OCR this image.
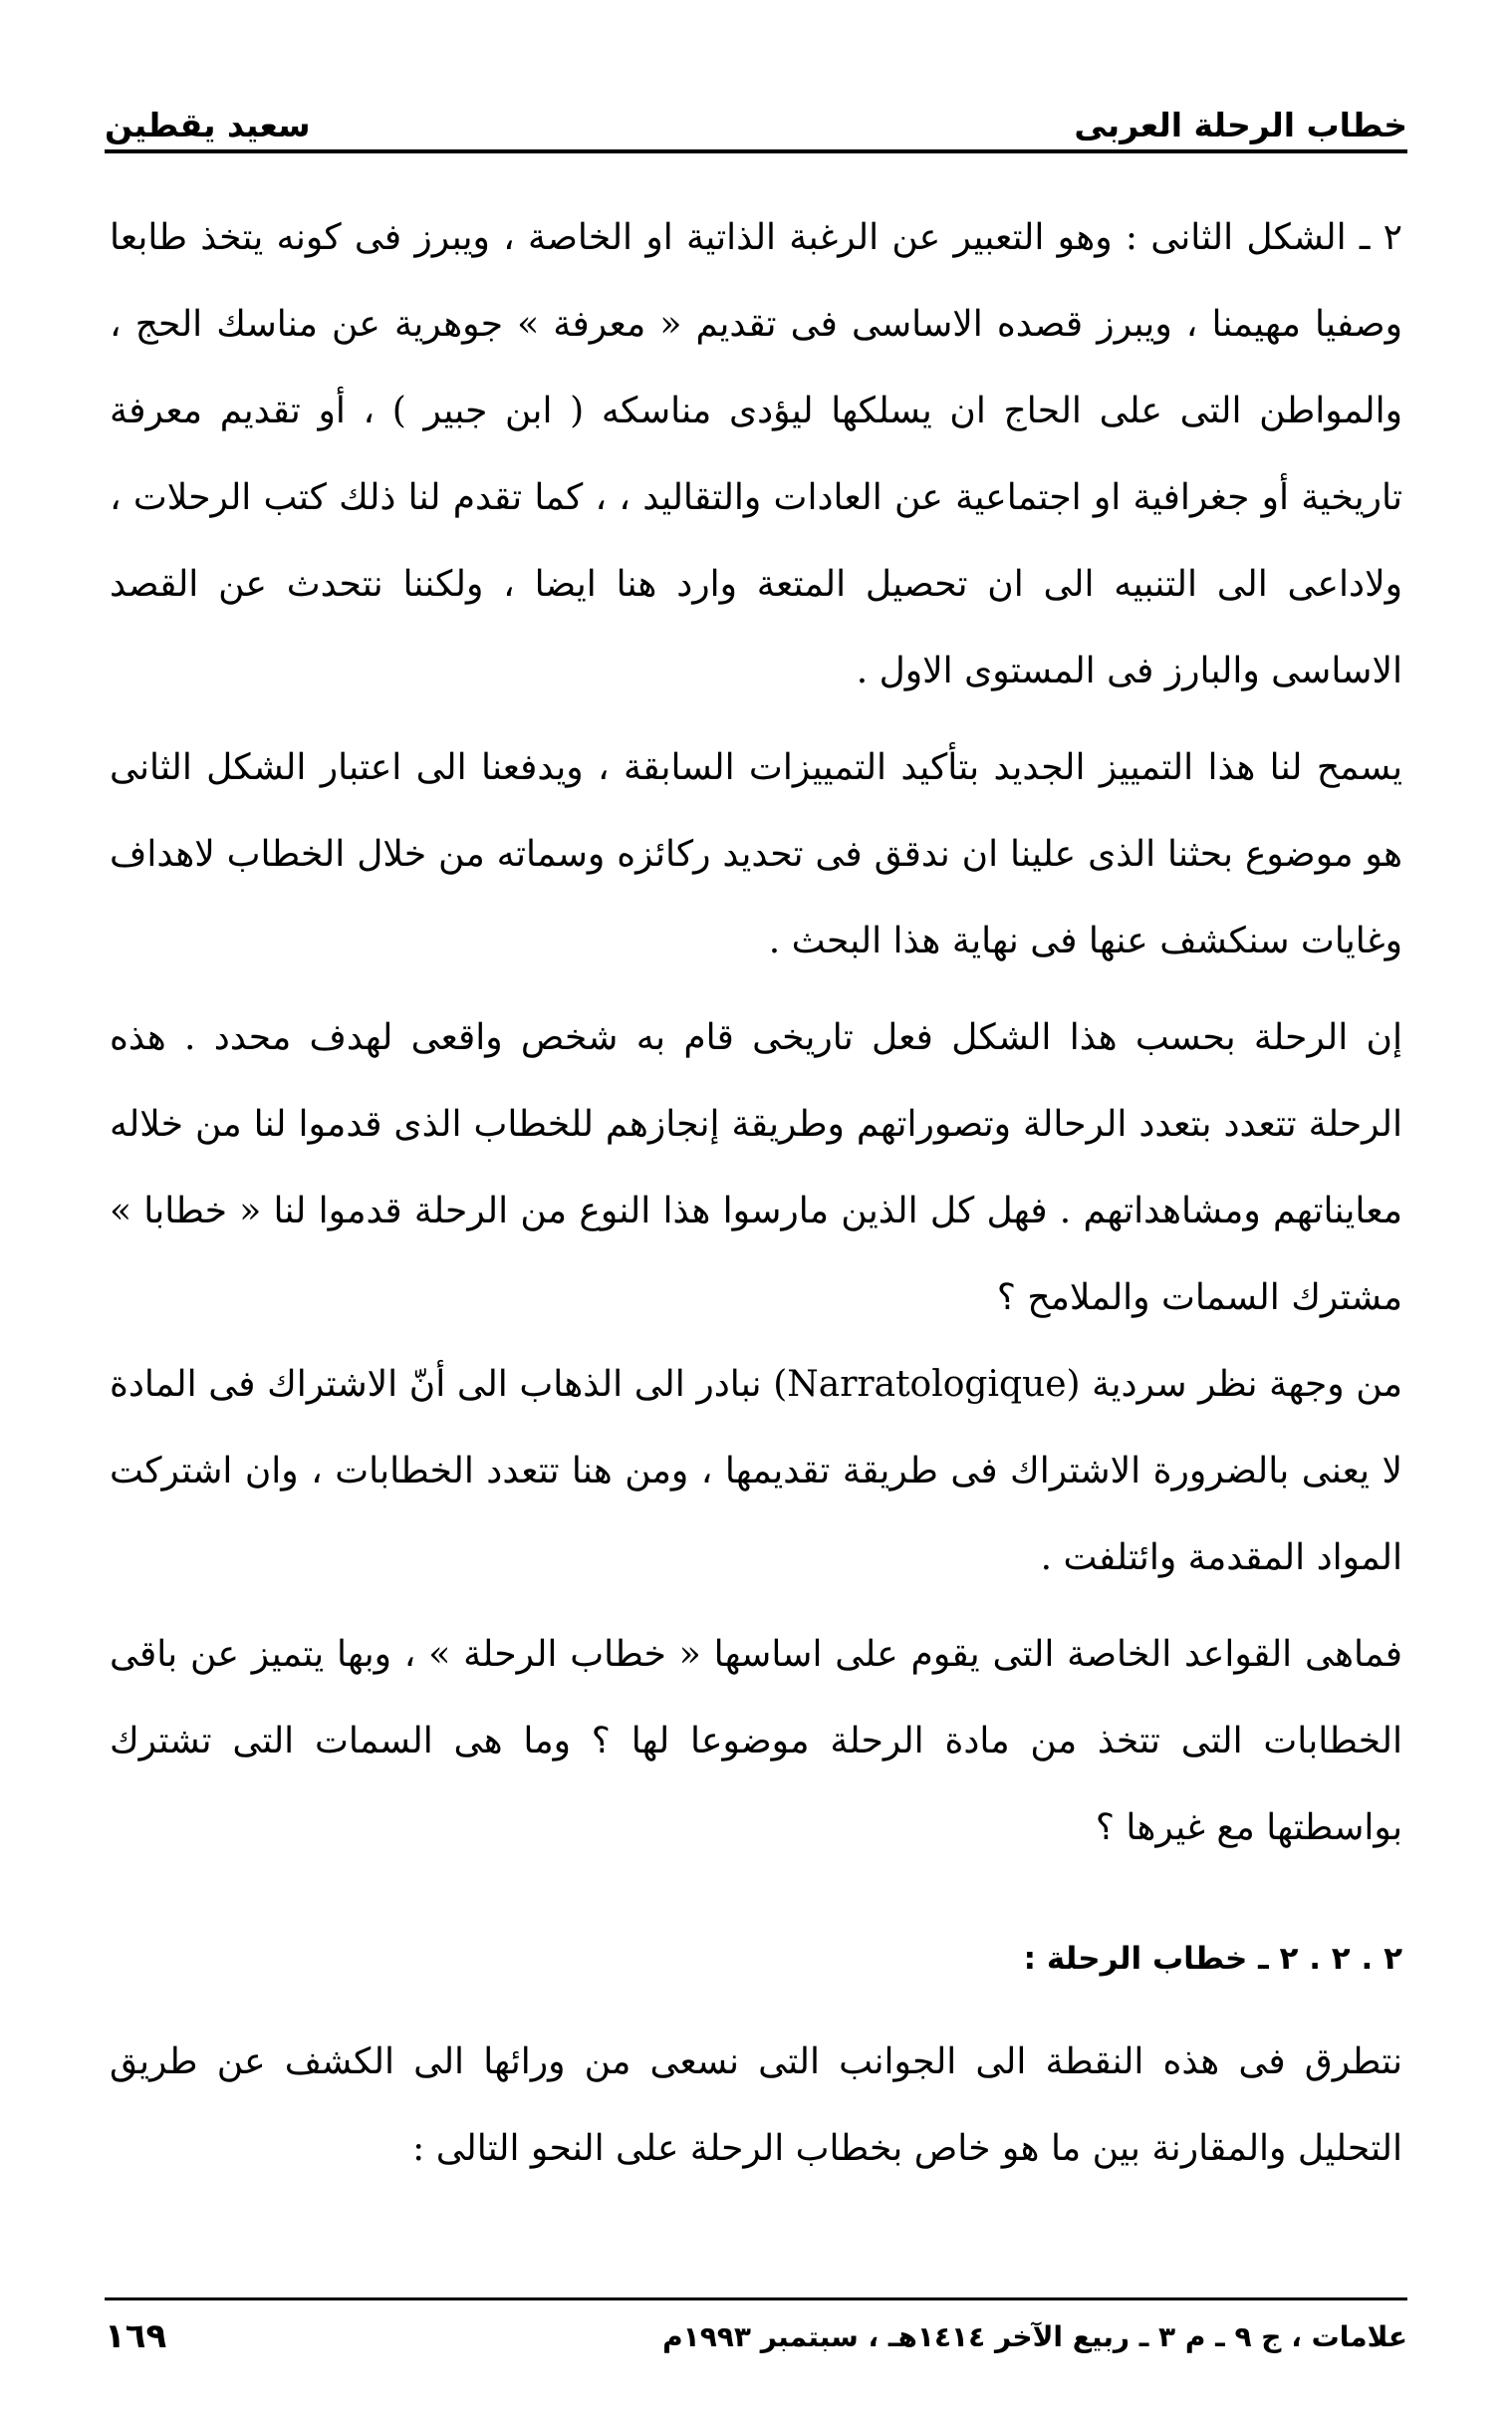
خطاب الرحلة العربى
سعيد يقطين

٢ ـ الشكل الثانى : وهو التعبير عن الرغبة الذاتية او الخاصة ، ويبرز فى كونه يتخذ طابعا وصفيا مهيمنا ، ويبرز قصده الاساسى فى تقديم « معرفة » جوهرية عن مناسك الحج ، والمواطن التى على الحاج ان يسلكها ليؤدى مناسكه ( ابن جبير ) ، أو تقديم معرفة تاريخية أو جغرافية او اجتماعية عن العادات والتقاليد ، ، كما تقدم لنا ذلك كتب الرحلات ، ولاداعى الى التنبيه الى ان تحصيل المتعة وارد هنا ايضا ، ولكننا نتحدث عن القصد الاساسى والبارز فى المستوى الاول .

يسمح لنا هذا التمييز الجديد بتأكيد التمييزات السابقة ، ويدفعنا الى اعتبار الشكل الثانى هو موضوع بحثنا الذى علينا ان ندقق فى تحديد ركائزه وسماته من خلال الخطاب لاهداف وغايات سنكشف عنها فى نهاية هذا البحث .

إن الرحلة بحسب هذا الشكل فعل تاريخى قام به شخص واقعى لهدف محدد . هذه الرحلة تتعدد بتعدد الرحالة وتصوراتهم وطريقة إنجازهم للخطاب الذى قدموا لنا من خلاله معايناتهم ومشاهداتهم . فهل كل الذين مارسوا هذا النوع من الرحلة قدموا لنا « خطابا » مشترك السمات والملامح ؟

من وجهة نظر سردية (Narratologique) نبادر الى الذهاب الى أنّ الاشتراك فى المادة لا يعنى بالضرورة الاشتراك فى طريقة تقديمها ، ومن هنا تتعدد الخطابات ، وان اشتركت المواد المقدمة وائتلفت .

فماهى القواعد الخاصة التى يقوم على اساسها « خطاب الرحلة » ، وبها يتميز عن باقى الخطابات التى تتخذ من مادة الرحلة موضوعا لها ؟ وما هى السمات التى تشترك بواسطتها مع غيرها ؟

٢ . ٢ . ٢ ـ خطاب الرحلة :

نتطرق فى هذه النقطة الى الجوانب التى نسعى من ورائها الى الكشف عن طريق التحليل والمقارنة بين ما هو خاص بخطاب الرحلة على النحو التالى :

علامات ، ج ٩ ـ م ٣ ـ ربيع الآخر ١٤١٤هـ ، سبتمبر ١٩٩٣م
١٦٩
